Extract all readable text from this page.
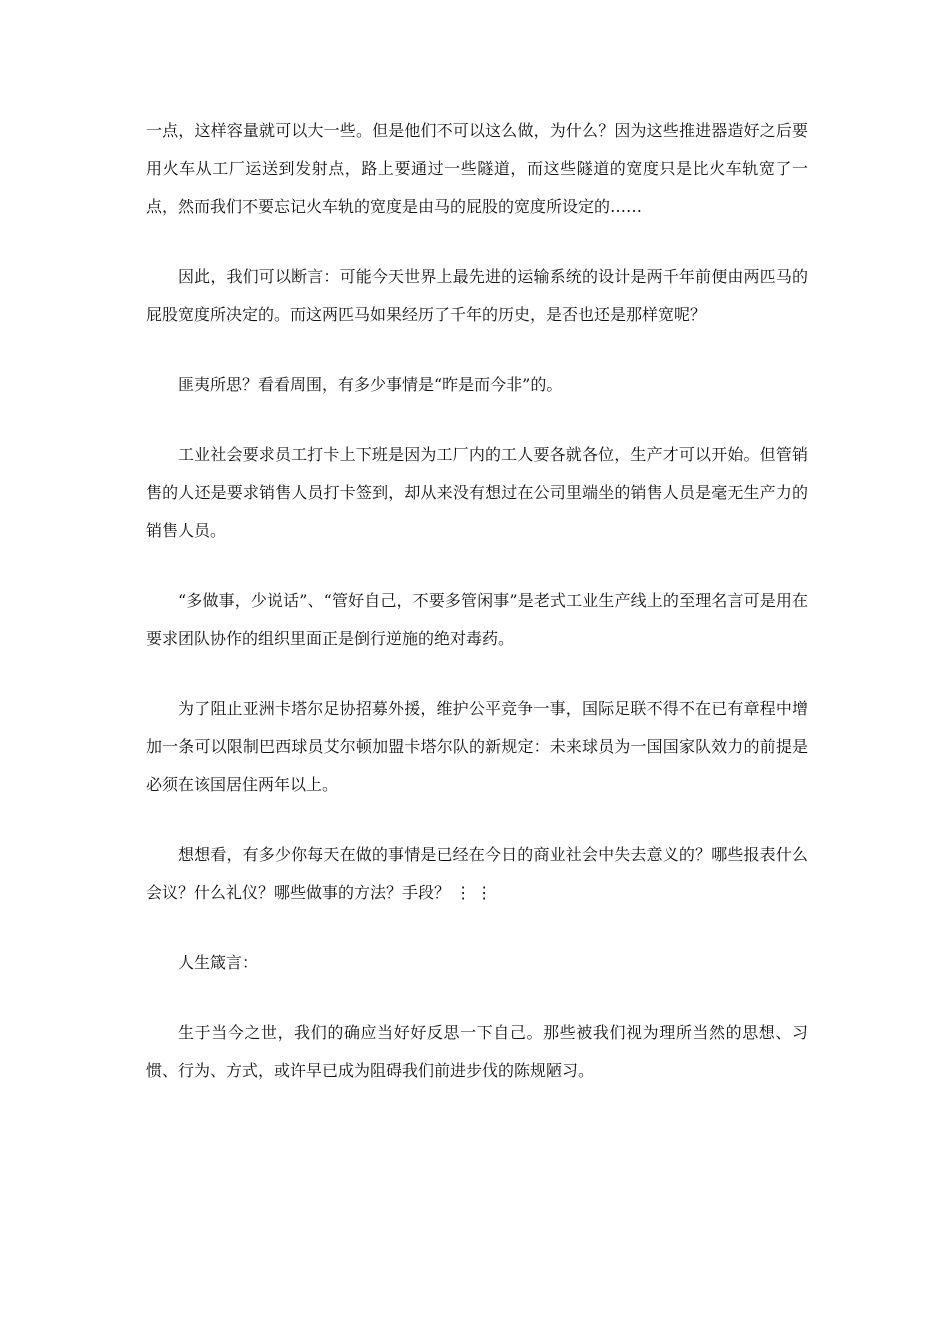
一点，这样容量就可以大一些。但是他们不可以这么做，为什么？因为这些推进器造好之后要用火车从工厂运送到发射点，路上要通过一些隧道，而这些隧道的宽度只是比火车轨宽了一点，然而我们不要忘记火车轨的宽度是由马的屁股的宽度所设定的……

因此，我们可以断言：可能今天世界上最先进的运输系统的设计是两千年前便由两匹马的屁股宽度所决定的。而这两匹马如果经历了千年的历史，是否也还是那样宽呢？

匪夷所思？看看周围，有多少事情是“昨是而今非”的。

工业社会要求员工打卡上下班是因为工厂内的工人要各就各位，生产才可以开始。但管销售的人还是要求销售人员打卡签到，却从来没有想过在公司里端坐的销售人员是毫无生产力的销售人员。

“多做事，少说话”、“管好自己，不要多管闲事”是老式工业生产线上的至理名言可是用在要求团队协作的组织里面正是倒行逆施的绝对毒药。

为了阻止亚洲卡塔尔足协招募外援，维护公平竞争一事，国际足联不得不在已有章程中增加一条可以限制巴西球员艾尔顿加盟卡塔尔队的新规定：未来球员为一国国家队效力的前提是必须在该国居住两年以上。

想想看，有多少你每天在做的事情是已经在今日的商业社会中失去意义的？哪些报表什么会议？什么礼仪？哪些做事的方法？手段？ ⋮ ⋮

人生箴言：

生于当今之世，我们的确应当好好反思一下自己。那些被我们视为理所当然的思想、习惯、行为、方式，或许早已成为阻碍我们前进步伐的陈规陋习。
